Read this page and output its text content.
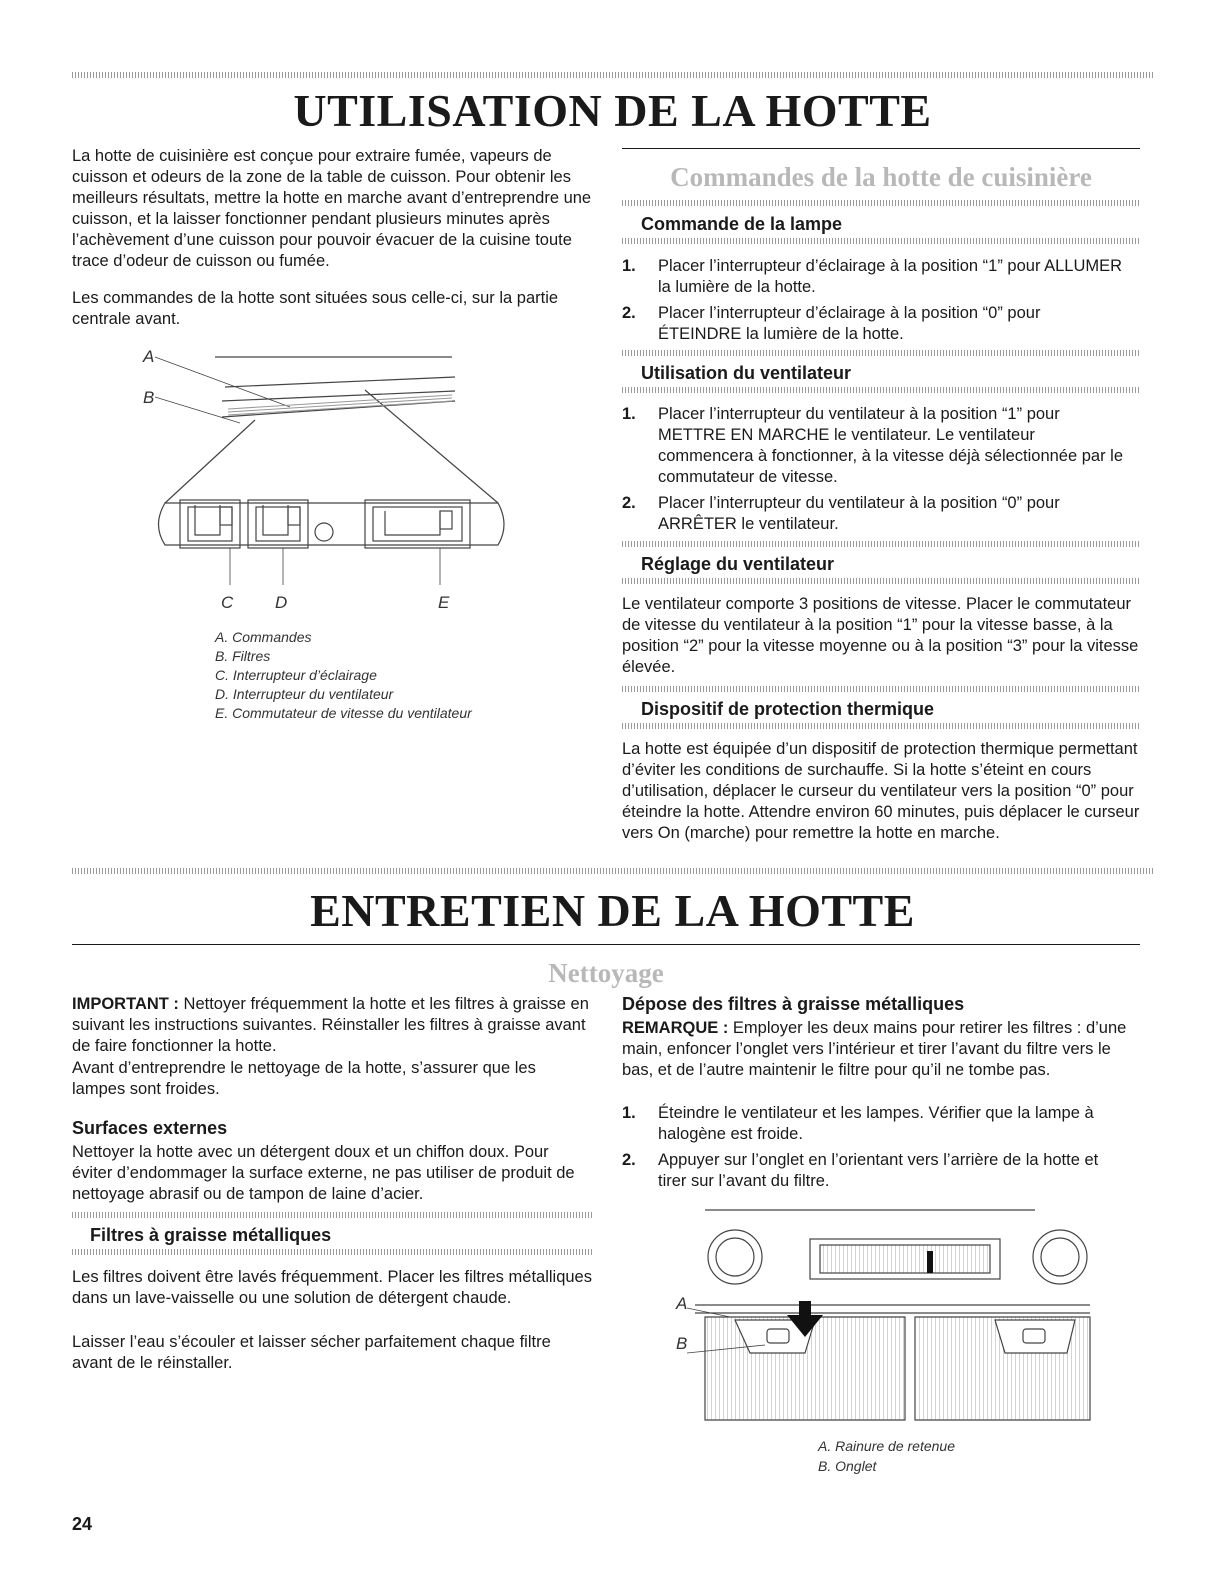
UTILISATION DE LA HOTTE

La hotte de cuisinière est conçue pour extraire fumée, vapeurs de cuisson et odeurs de la zone de la table de cuisson. Pour obtenir les meilleurs résultats, mettre la hotte en marche avant d’entreprendre une cuisson, et la laisser fonctionner pendant plusieurs minutes après l’achèvement d’une cuisson pour pouvoir évacuer de la cuisine toute trace d’odeur de cuisson ou fumée.

Les commandes de la hotte sont situées sous celle-ci, sur la partie centrale avant.

A
B
C D	E

A. Commandes

B. Filtres

C. Interrupteur d’éclairage

D. Interrupteur du ventilateur

E. Commutateur de vitesse du ventilateur

Commandes de la hotte de cuisinière
Commande de la lampe
1. Placer l’interrupteur d’éclairage à la position “1” pour ALLUMER la lumière de la hotte.
2. Placer l’interrupteur d’éclairage à la position “0” pour ÉTEINDRE la lumière de la hotte.
Utilisation du ventilateur
1. Placer l’interrupteur du ventilateur à la position “1” pour METTRE EN MARCHE le ventilateur. Le ventilateur commencera à fonctionner, à la vitesse déjà sélectionnée par le commutateur de vitesse.
2. Placer l’interrupteur du ventilateur à la position “0” pour ARRÊTER le ventilateur.
Réglage du ventilateur

Le ventilateur comporte 3 positions de vitesse. Placer le commutateur de vitesse du ventilateur à la position “1” pour la vitesse basse, à la position “2” pour la vitesse moyenne ou à la position “3” pour la vitesse élevée.

Dispositif de protection thermique

La hotte est équipée d’un dispositif de protection thermique permettant d’éviter les conditions de surchauffe. Si la hotte s’éteint en cours d’utilisation, déplacer le curseur du ventilateur vers la position “0” pour éteindre la hotte. Attendre environ 60 minutes, puis déplacer le curseur vers On (marche) pour remettre la hotte en marche.

ENTRETIEN DE LA HOTTE
Nettoyage

IMPORTANT : Nettoyer fréquemment la hotte et les filtres à graisse en suivant les instructions suivantes. Réinstaller les filtres à graisse avant de faire fonctionner la hotte.

Avant d’entreprendre le nettoyage de la hotte, s’assurer que les lampes sont froides.

Surfaces externes

Nettoyer la hotte avec un détergent doux et un chiffon doux. Pour éviter d’endommager la surface externe, ne pas utiliser de produit de nettoyage abrasif ou de tampon de laine d’acier.

Filtres à graisse métalliques

Les filtres doivent être lavés fréquemment. Placer les filtres métalliques dans un lave-vaisselle ou une solution de détergent chaude.

Laisser l’eau s’écouler et laisser sécher parfaitement chaque filtre avant de le réinstaller.

Dépose des filtres à graisse métalliques

REMARQUE : Employer les deux mains pour retirer les filtres : d’une main, enfoncer l’onglet vers l’intérieur et tirer l’avant du filtre vers le bas, et de l’autre maintenir le filtre pour qu’il ne tombe pas.

1. Éteindre le ventilateur et les lampes. Vérifier que la lampe à halogène est froide.
2. Appuyer sur l’onglet en l’orientant vers l’arrière de la hotte et tirer sur l’avant du filtre.
A
B

A. Rainure de retenue

B. Onglet

24
